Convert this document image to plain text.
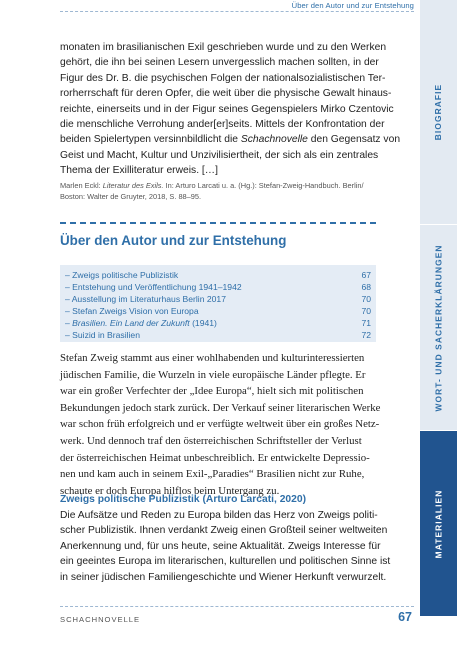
Über den Autor und zur Entstehung
BIOGRAFIE
WORT- UND SACHERKLÄRUNGEN
MATERIALIEN
monaten im brasilianischen Exil geschrieben wurde und zu den Werken
gehört, die ihn bei seinen Lesern unvergesslich machen sollten, in der
Figur des Dr. B. die psychischen Folgen der nationalsozialistischen Ter-
rorherrschaft für deren Opfer, die weit über die physische Gewalt hinaus-
reichte, einerseits und in der Figur seines Gegenspielers Mirko Czentovic
die menschliche Verrohung ander[er]seits. Mittels der Konfrontation der
beiden Spielertypen versinnbildlicht die Schachnovelle den Gegensatz von
Geist und Macht, Kultur und Unzivilisiertheit, der sich als ein zentrales
Thema der Exilliteratur erweis. […]
Marlen Eckl: Literatur des Exils. In: Arturo Larcati u. a. (Hg.): Stefan-Zweig-Handbuch. Berlin/
Boston: Walter de Gruyter, 2018, S. 88–95.
Über den Autor und zur Entstehung
– Zweigs politische Publizistik	67
– Entstehung und Veröffentlichung 1941–1942	68
– Ausstellung im Literaturhaus Berlin 2017	70
– Stefan Zweigs Vision von Europa	70
– Brasilien. Ein Land der Zukunft (1941)	71
– Suizid in Brasilien	72
Stefan Zweig stammt aus einer wohlhabenden und kulturinteressierten
jüdischen Familie, die Wurzeln in viele europäische Länder pflegte. Er
war ein großer Verfechter der „Idee Europa“, hielt sich mit politischen
Bekundungen jedoch stark zurück. Der Verkauf seiner literarischen Werke
war schon früh erfolgreich und er verfügte weltweit über ein großes Netz-
werk. Und dennoch traf den österreichischen Schriftsteller der Verlust
der österreichischen Heimat unbeschreiblich. Er entwickelte Depressio-
nen und kam auch in seinem Exil-„Paradies“ Brasilien nicht zur Ruhe,
schaute er doch Europa hilflos beim Untergang zu.
Zweigs politische Publizistik (Arturo Larcati, 2020)
Die Aufsätze und Reden zu Europa bilden das Herz von Zweigs politi-
scher Publizistik. Ihnen verdankt Zweig einen Großteil seiner weltweiten
Anerkennung und, für uns heute, seine Aktualität. Zweigs Interesse für
ein geeintes Europa im literarischen, kulturellen und politischen Sinne ist
in seiner jüdischen Familiengeschichte und Wiener Herkunft verwurzelt.
SCHACHNOVELLE	67
